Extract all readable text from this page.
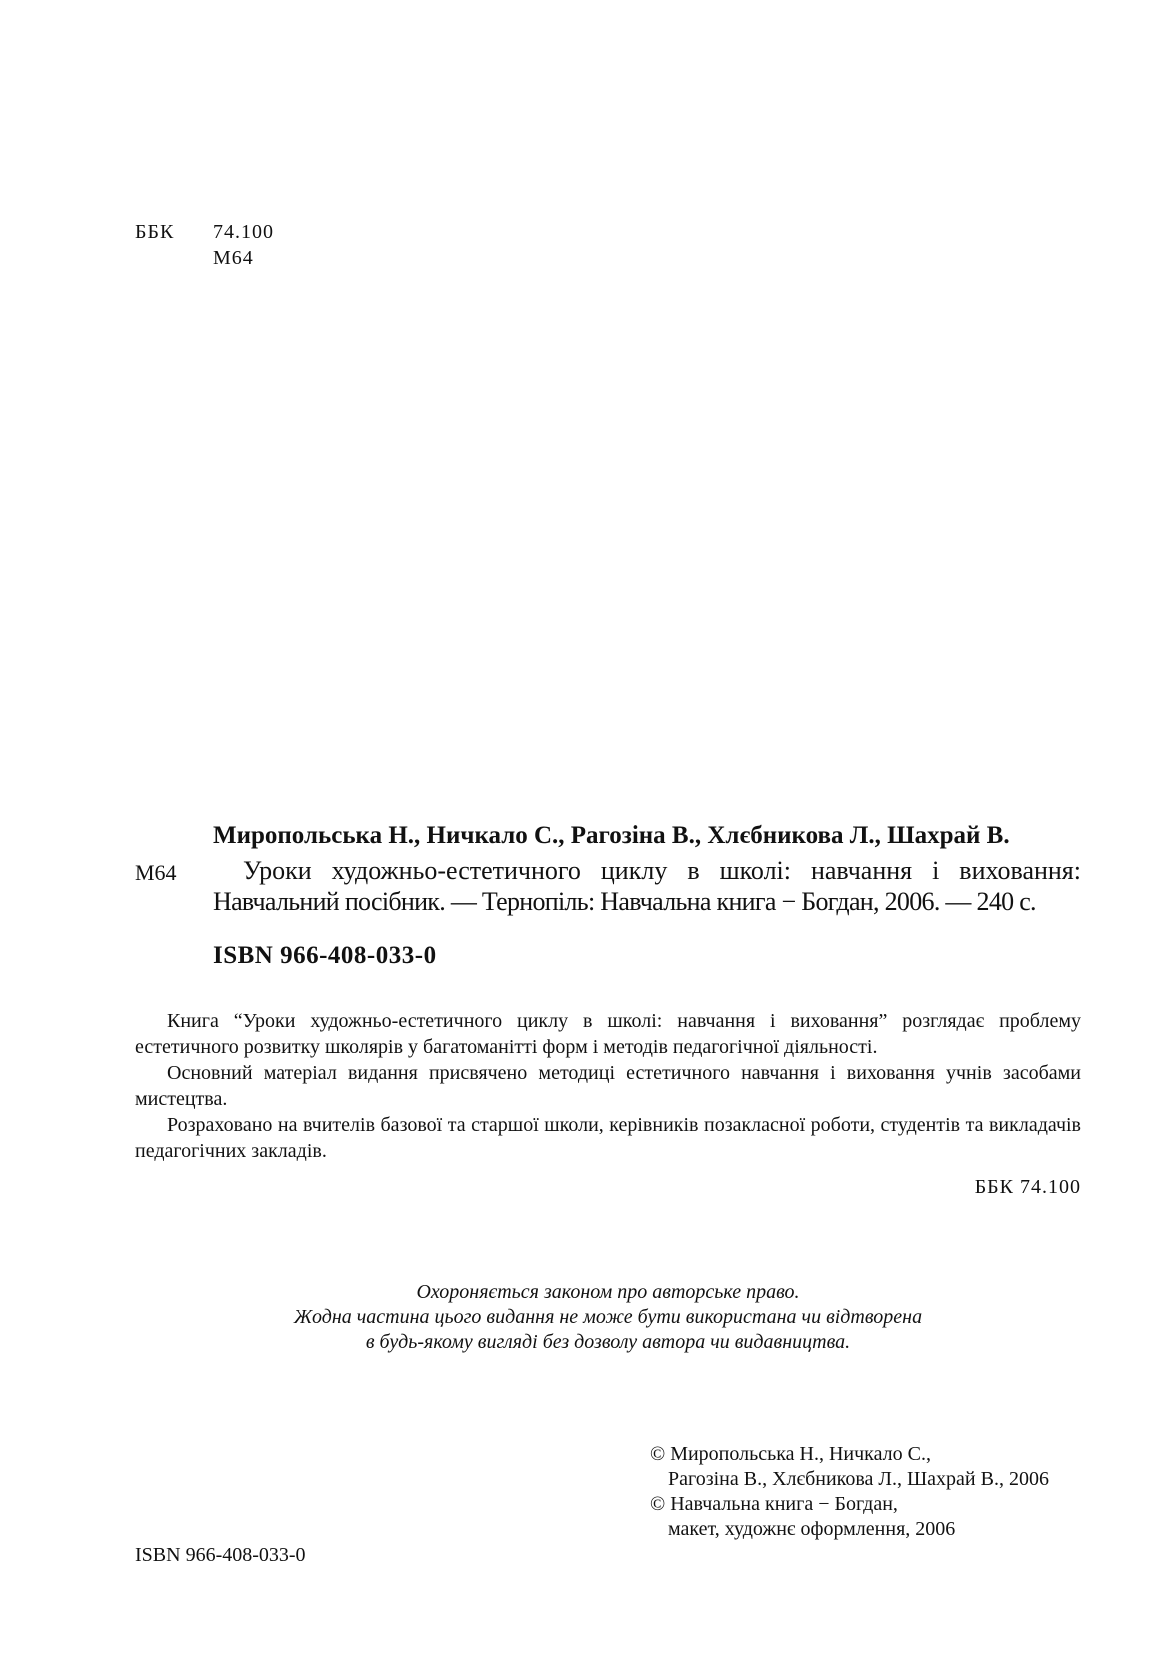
ББК 74.100
М64
Миропольська Н., Ничкало С., Рагозіна В., Хлєбникова Л., Шахрай В.
М64	Уроки художньо-естетичного циклу в школі: навчання і виховання:
Навчальний посібник. — Тернопіль: Навчальна книга − Богдан, 2006. — 240 с.
ISBN 966-408-033-0

Книга “Уроки художньо-естетичного циклу в школі: навчання і виховання” розглядає проблему естетичного розвитку школярів у багатоманітті форм і методів педагогічної діяльності.

Основний матеріал видання присвячено методиці естетичного навчання і виховання учнів засобами мистецтва.

Розраховано на вчителів базової та старшої школи, керівників позакласної роботи, студентів та викладачів педагогічних закладів.

ББК 74.100

Охороняється законом про авторське право.
Жодна частина цього видання не може бути використана чи відтворена
в будь-якому вигляді без дозволу автора чи видавництва.
© Миропольська Н., Ничкало С.,
Рагозіна В., Хлєбникова Л., Шахрай В., 2006
© Навчальна книга − Богдан,
макет, художнє оформлення, 2006
ISBN 966-408-033-0
